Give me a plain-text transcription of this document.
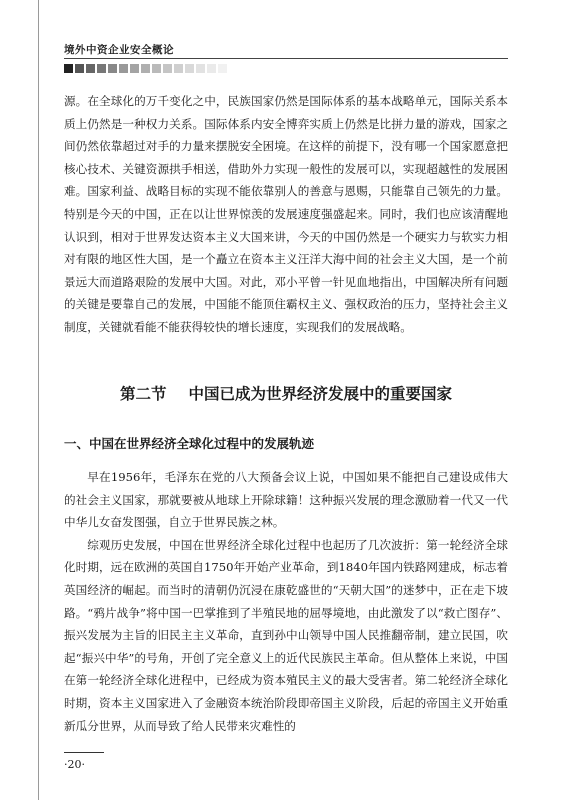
境外中资企业安全概论

源。在全球化的万千变化之中，民族国家仍然是国际体系的基本战略单元，国际关系本质上仍然是一种权力关系。国际体系内安全博弈实质上仍然是比拼力量的游戏，国家之间仍然依靠超过对手的力量来摆脱安全困境。在这样的前提下，没有哪一个国家愿意把核心技术、关键资源拱手相送，借助外力实现一般性的发展可以，实现超越性的发展困难。国家利益、战略目标的实现不能依靠别人的善意与恩赐，只能靠自己领先的力量。特别是今天的中国，正在以让世界惊羡的发展速度强盛起来。同时，我们也应该清醒地认识到，相对于世界发达资本主义大国来讲，今天的中国仍然是一个硬实力与软实力相对有限的地区性大国，是一个矗立在资本主义汪洋大海中间的社会主义大国，是一个前景远大而道路艰险的发展中大国。对此，邓小平曾一针见血地指出，中国解决所有问题的关键是要靠自己的发展，中国能不能顶住霸权主义、强权政治的压力，坚持社会主义制度，关键就看能不能获得较快的增长速度，实现我们的发展战略。

第二节 中国已成为世界经济发展中的重要国家
一、中国在世界经济全球化过程中的发展轨迹

早在1956年，毛泽东在党的八大预备会议上说，中国如果不能把自己建设成伟大的社会主义国家，那就要被从地球上开除球籍！这种振兴发展的理念激励着一代又一代中华儿女奋发图强，自立于世界民族之林。

综观历史发展，中国在世界经济全球化过程中也起历了几次波折：第一轮经济全球化时期，远在欧洲的英国自1750年开始产业革命，到1840年国内铁路网建成，标志着英国经济的崛起。而当时的清朝仍沉浸在康乾盛世的“天朝大国”的迷梦中，正在走下坡路。“鸦片战争”将中国一巴掌推到了半殖民地的屈辱境地，由此激发了以“救亡图存”、振兴发展为主旨的旧民主主义革命，直到孙中山领导中国人民推翻帝制，建立民国，吹起“振兴中华”的号角，开创了完全意义上的近代民族民主革命。但从整体上来说，中国在第一轮经济全球化进程中，已经成为资本殖民主义的最大受害者。第二轮经济全球化时期，资本主义国家进入了金融资本统治阶段即帝国主义阶段，后起的帝国主义开始重新瓜分世界，从而导致了给人民带来灾难性的

·20·
